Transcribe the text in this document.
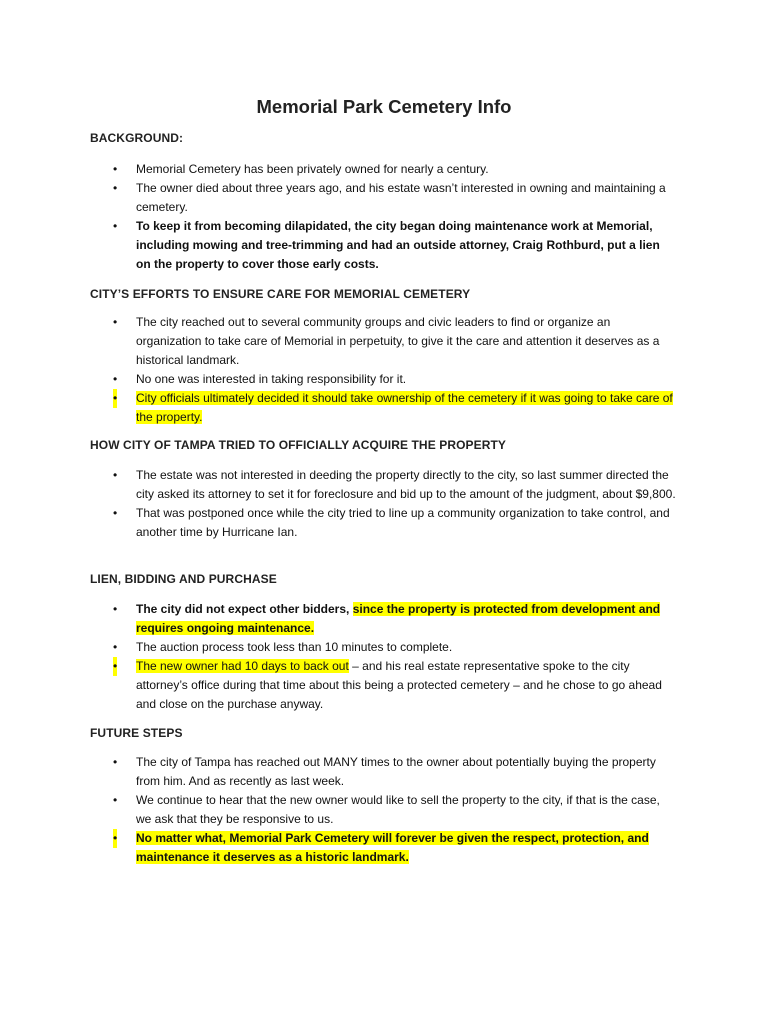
Memorial Park Cemetery Info
BACKGROUND:
• Memorial Cemetery has been privately owned for nearly a century.
• The owner died about three years ago, and his estate wasn’t interested in owning and maintaining a cemetery.
• To keep it from becoming dilapidated, the city began doing maintenance work at Memorial, including mowing and tree-trimming and had an outside attorney, Craig Rothburd, put a lien on the property to cover those early costs.
CITY’S EFFORTS TO ENSURE CARE FOR MEMORIAL CEMETERY
• The city reached out to several community groups and civic leaders to find or organize an organization to take care of Memorial in perpetuity, to give it the care and attention it deserves as a historical landmark.
• No one was interested in taking responsibility for it.
• City officials ultimately decided it should take ownership of the cemetery if it was going to take care of the property.
HOW CITY OF TAMPA TRIED TO OFFICIALLY ACQUIRE THE PROPERTY
• The estate was not interested in deeding the property directly to the city, so last summer directed the city asked its attorney to set it for foreclosure and bid up to the amount of the judgment, about $9,800.
• That was postponed once while the city tried to line up a community organization to take control, and another time by Hurricane Ian.
LIEN, BIDDING AND PURCHASE
• The city did not expect other bidders, since the property is protected from development and requires ongoing maintenance.
• The auction process took less than 10 minutes to complete.
• The new owner had 10 days to back out – and his real estate representative spoke to the city attorney’s office during that time about this being a protected cemetery – and he chose to go ahead and close on the purchase anyway.
FUTURE STEPS
• The city of Tampa has reached out MANY times to the owner about potentially buying the property from him. And as recently as last week.
• We continue to hear that the new owner would like to sell the property to the city, if that is the case, we ask that they be responsive to us.
• No matter what, Memorial Park Cemetery will forever be given the respect, protection, and maintenance it deserves as a historic landmark.
